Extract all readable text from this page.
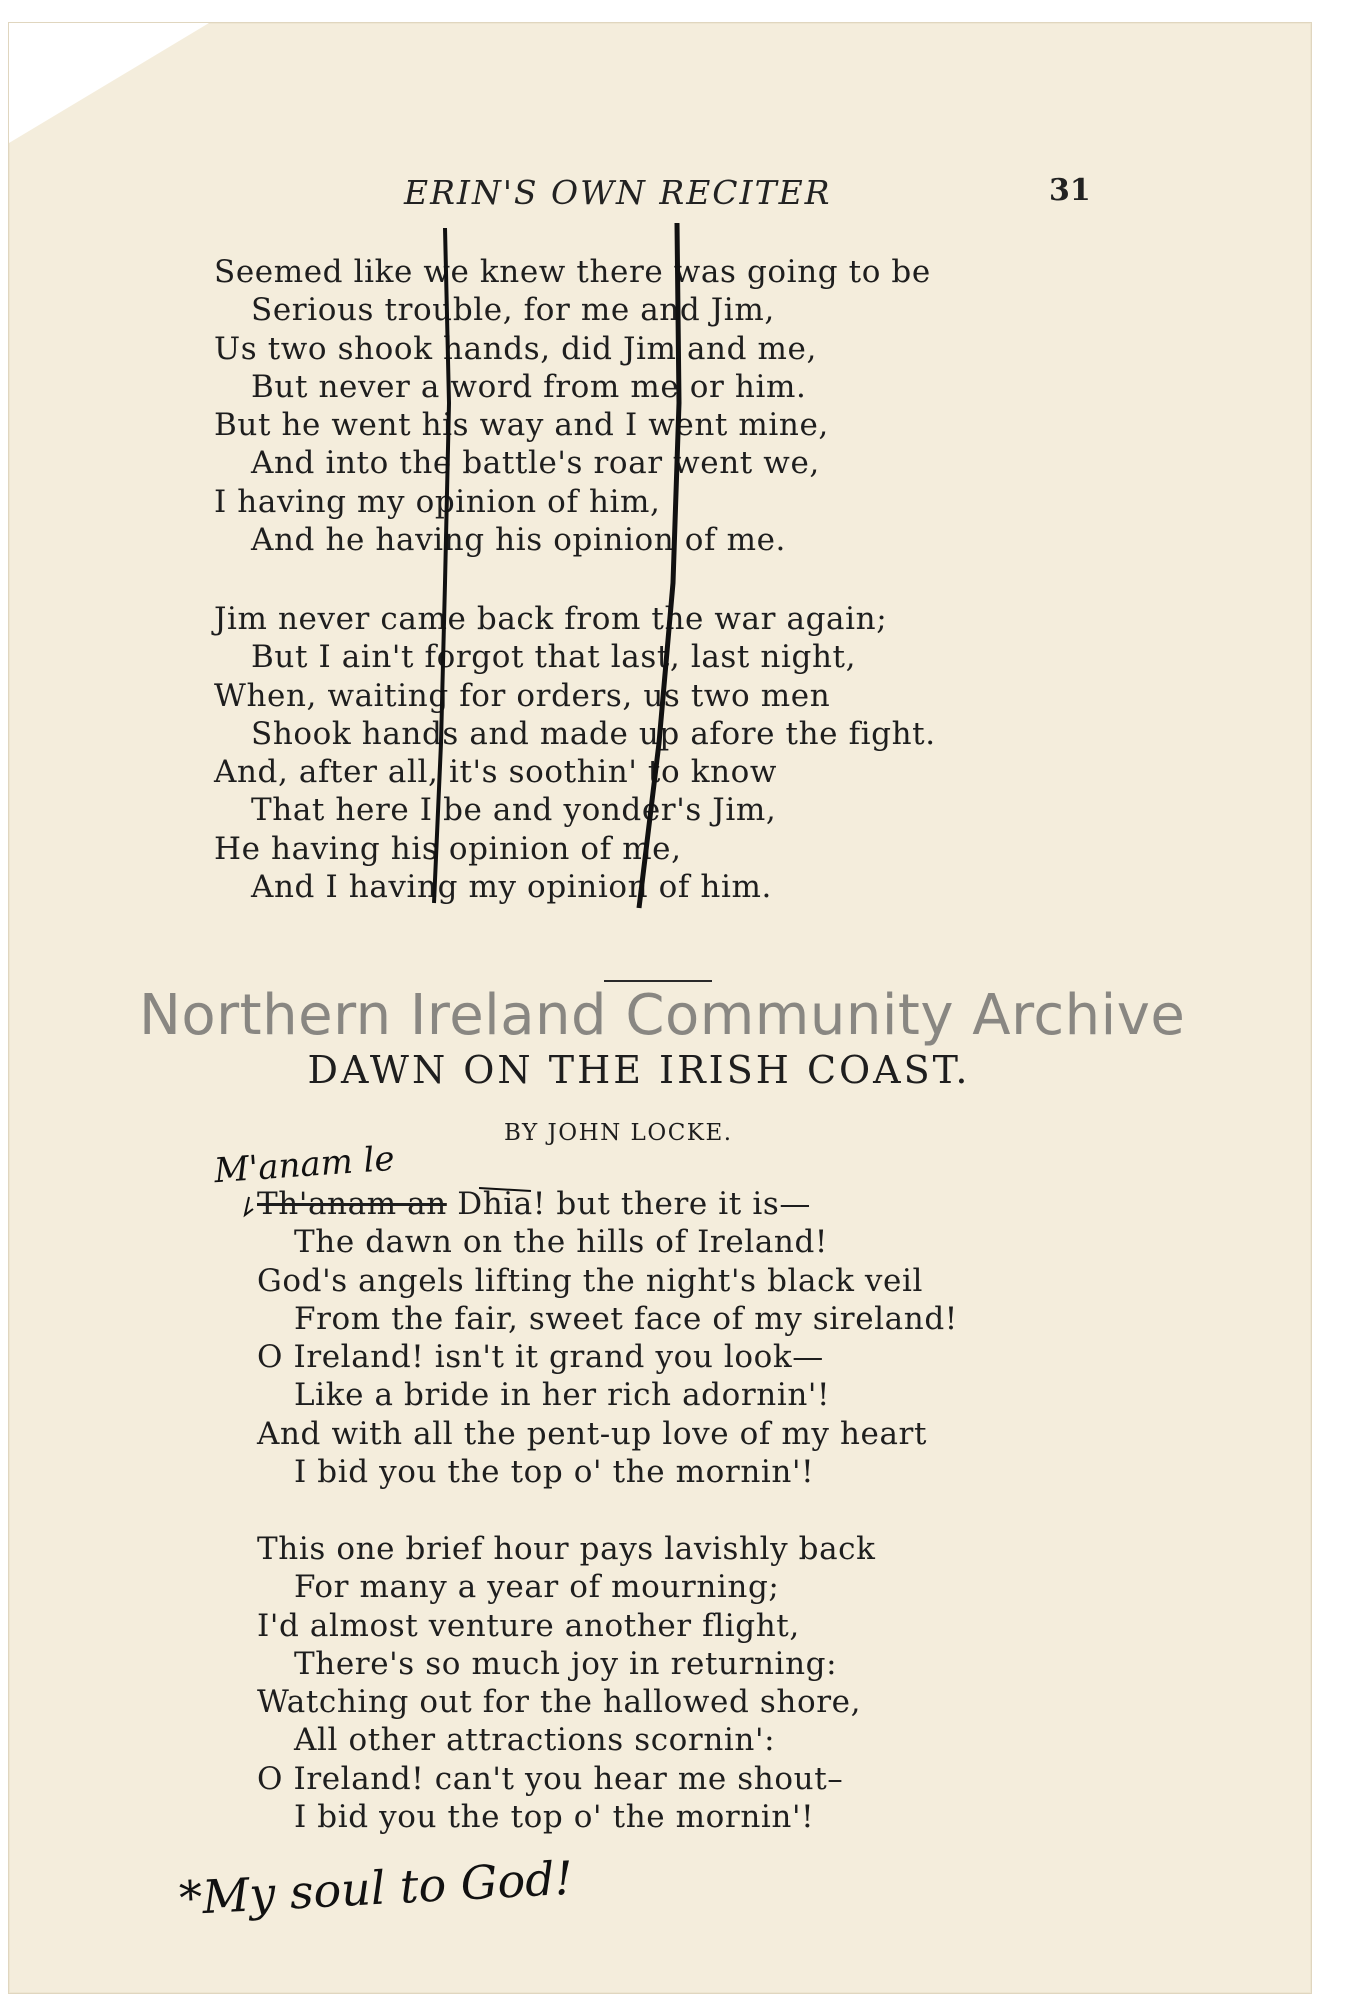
ERIN'S OWN RECITER	31
Seemed like we knew there was going to be
Serious trouble, for me and Jim,
Us two shook hands, did Jim and me,
But never a word from me or him.
But he went his way and I went mine,
And into the battle's roar went we,
I having my opinion of him,
And he having his opinion of me.
Jim never came back from the war again;
But I ain't forgot that last, last night,
When, waiting for orders, us two men
Shook hands and made up afore the fight.
And, after all, it's soothin' to know
That here I be and yonder's Jim,
He having his opinion of me,
And I having my opinion of him.
Northern Ireland Community Archive
DAWN ON THE IRISH COAST.
BY JOHN LOCKE.
M'anam le
Th'anam an Dhia! but there it is—
The dawn on the hills of Ireland!
God's angels lifting the night's black veil
From the fair, sweet face of my sireland!
O Ireland! isn't it grand you look—
Like a bride in her rich adornin'!
And with all the pent-up love of my heart
I bid you the top o' the mornin'!
This one brief hour pays lavishly back
For many a year of mourning;
I'd almost venture another flight,
There's so much joy in returning:
Watching out for the hallowed shore,
All other attractions scornin':
O Ireland! can't you hear me shout–
I bid you the top o' the mornin'!
*My soul to God!
